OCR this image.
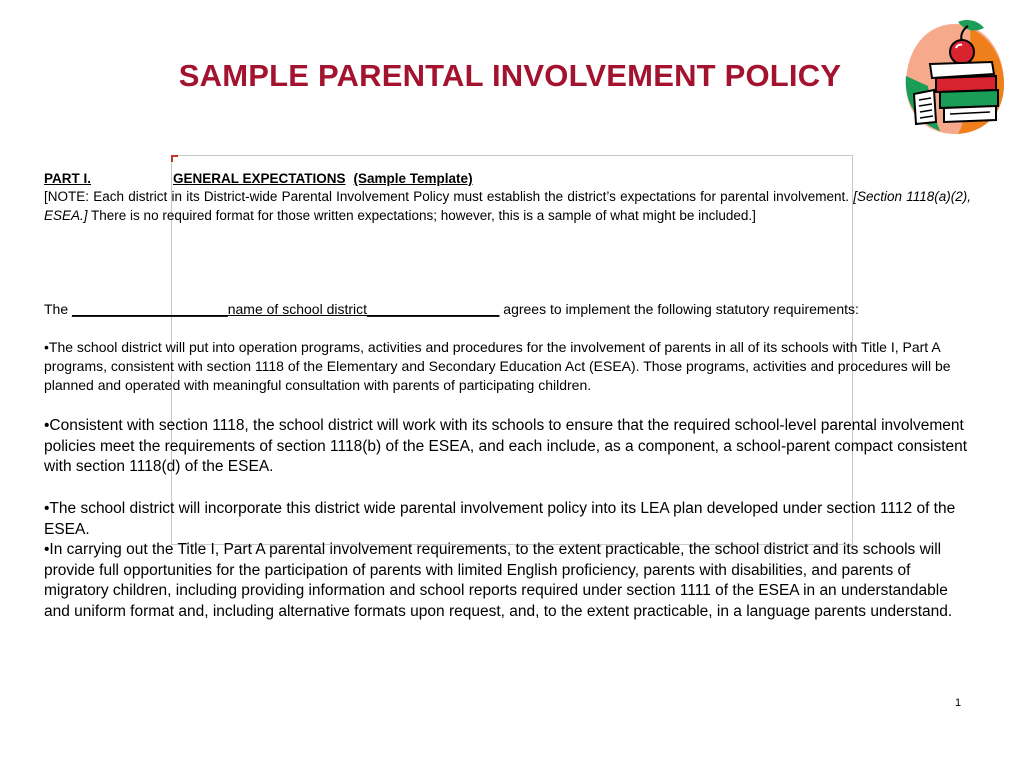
SAMPLE PARENTAL INVOLVEMENT POLICY
PART I.	GENERAL EXPECTATIONS (Sample Template)

[NOTE: Each district in its District-wide Parental Involvement Policy must establish the district’s expectations for parental involvement. [Section 1118(a)(2), ESEA.] There is no required format for those written expectations; however, this is a sample of what might be included.]

The ____________________name of school district_________________ agrees to implement the following statutory requirements:

•The school district will put into operation programs, activities and procedures for the involvement of parents in all of its schools with Title I, Part A programs, consistent with section 1118 of the Elementary and Secondary Education Act (ESEA). Those programs, activities and procedures will be planned and operated with meaningful consultation with parents of participating children.

•Consistent with section 1118, the school district will work with its schools to ensure that the required school-level parental involvement policies meet the requirements of section 1118(b) of the ESEA, and each include, as a component, a school-parent compact consistent with section 1118(d) of the ESEA.

•The school district will incorporate this district wide parental involvement policy into its LEA plan developed under section 1112 of the ESEA.

•In carrying out the Title I, Part A parental involvement requirements, to the extent practicable, the school district and its schools will provide full opportunities for the participation of parents with limited English proficiency, parents with disabilities, and parents of migratory children, including providing information and school reports required under section 1111 of the ESEA in an understandable and uniform format and, including alternative formats upon request, and, to the extent practicable, in a language parents understand.

1
